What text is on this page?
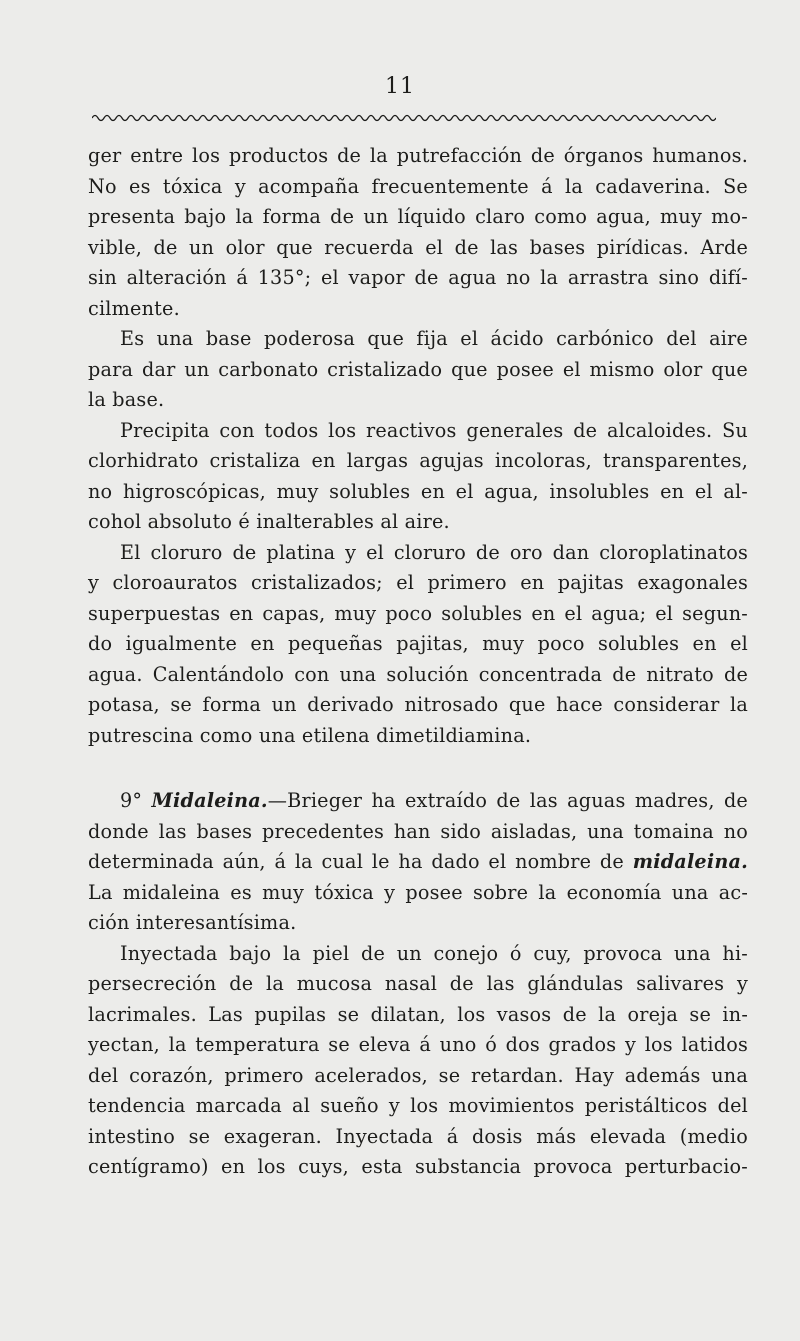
11
ger entre los productos de la putrefacción de órganos humanos.
No es tóxica y acompaña frecuentemente á la cadaverina. Se
presenta bajo la forma de un líquido claro como agua, muy mo-
vible, de un olor que recuerda el de las bases pirídicas. Arde
sin alteración á 135°; el vapor de agua no la arrastra sino difí-
cilmente.
Es una base poderosa que fija el ácido carbónico del aire
para dar un carbonato cristalizado que posee el mismo olor que
la base.
Precipita con todos los reactivos generales de alcaloides. Su
clorhidrato cristaliza en largas agujas incoloras, transparentes,
no higroscópicas, muy solubles en el agua, insolubles en el al-
cohol absoluto é inalterables al aire.
El cloruro de platina y el cloruro de oro dan cloroplatinatos
y cloroauratos cristalizados; el primero en pajitas exagonales
superpuestas en capas, muy poco solubles en el agua; el segun-
do igualmente en pequeñas pajitas, muy poco solubles en el
agua. Calentándolo con una solución concentrada de nitrato de
potasa, se forma un derivado nitrosado que hace considerar la
putrescina como una etilena dimetildiamina.
9° Midaleina.—Brieger ha extraído de las aguas madres, de
donde las bases precedentes han sido aisladas, una tomaina no
determinada aún, á la cual le ha dado el nombre de midaleina.
La midaleina es muy tóxica y posee sobre la economía una ac-
ción interesantísima.
Inyectada bajo la piel de un conejo ó cuy, provoca una hi-
persecreción de la mucosa nasal de las glándulas salivares y
lacrimales. Las pupilas se dilatan, los vasos de la oreja se in-
yectan, la temperatura se eleva á uno ó dos grados y los latidos
del corazón, primero acelerados, se retardan. Hay además una
tendencia marcada al sueño y los movimientos peristálticos del
intestino se exageran. Inyectada á dosis más elevada (medio
centígramo) en los cuys, esta substancia provoca perturbacio-
